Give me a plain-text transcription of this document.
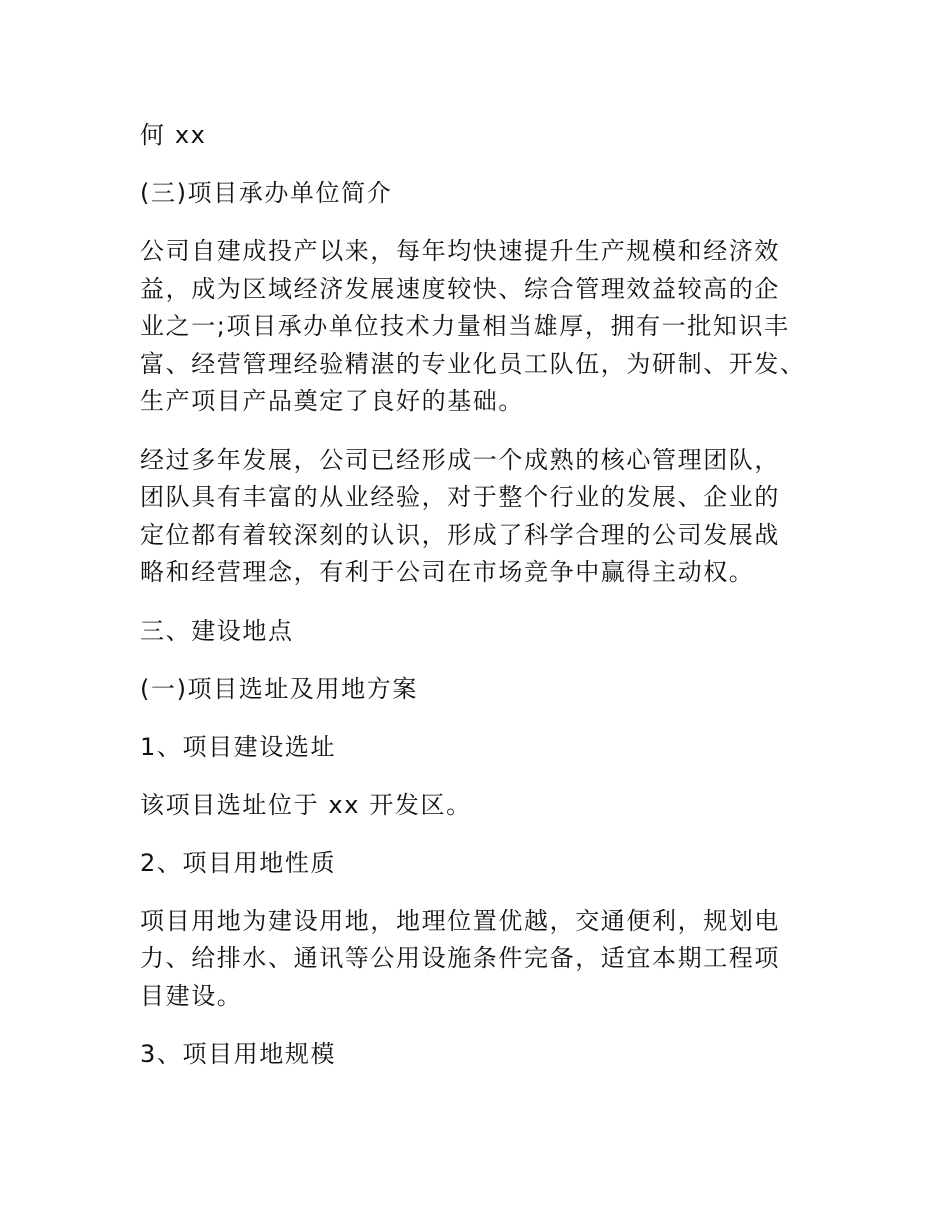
何 xx

(三)项目承办单位简介

公司自建成投产以来，每年均快速提升生产规模和经济效
益，成为区域经济发展速度较快、综合管理效益较高的企
业之一;项目承办单位技术力量相当雄厚，拥有一批知识丰
富、经营管理经验精湛的专业化员工队伍，为研制、开发、
生产项目产品奠定了良好的基础。
经过多年发展，公司已经形成一个成熟的核心管理团队，
团队具有丰富的从业经验，对于整个行业的发展、企业的
定位都有着较深刻的认识，形成了科学合理的公司发展战
略和经营理念，有利于公司在市场竞争中赢得主动权。

三、建设地点

(一)项目选址及用地方案

1、项目建设选址

该项目选址位于 xx 开发区。

2、项目用地性质

项目用地为建设用地，地理位置优越，交通便利，规划电
力、给排水、通讯等公用设施条件完备，适宜本期工程项
目建设。

3、项目用地规模
